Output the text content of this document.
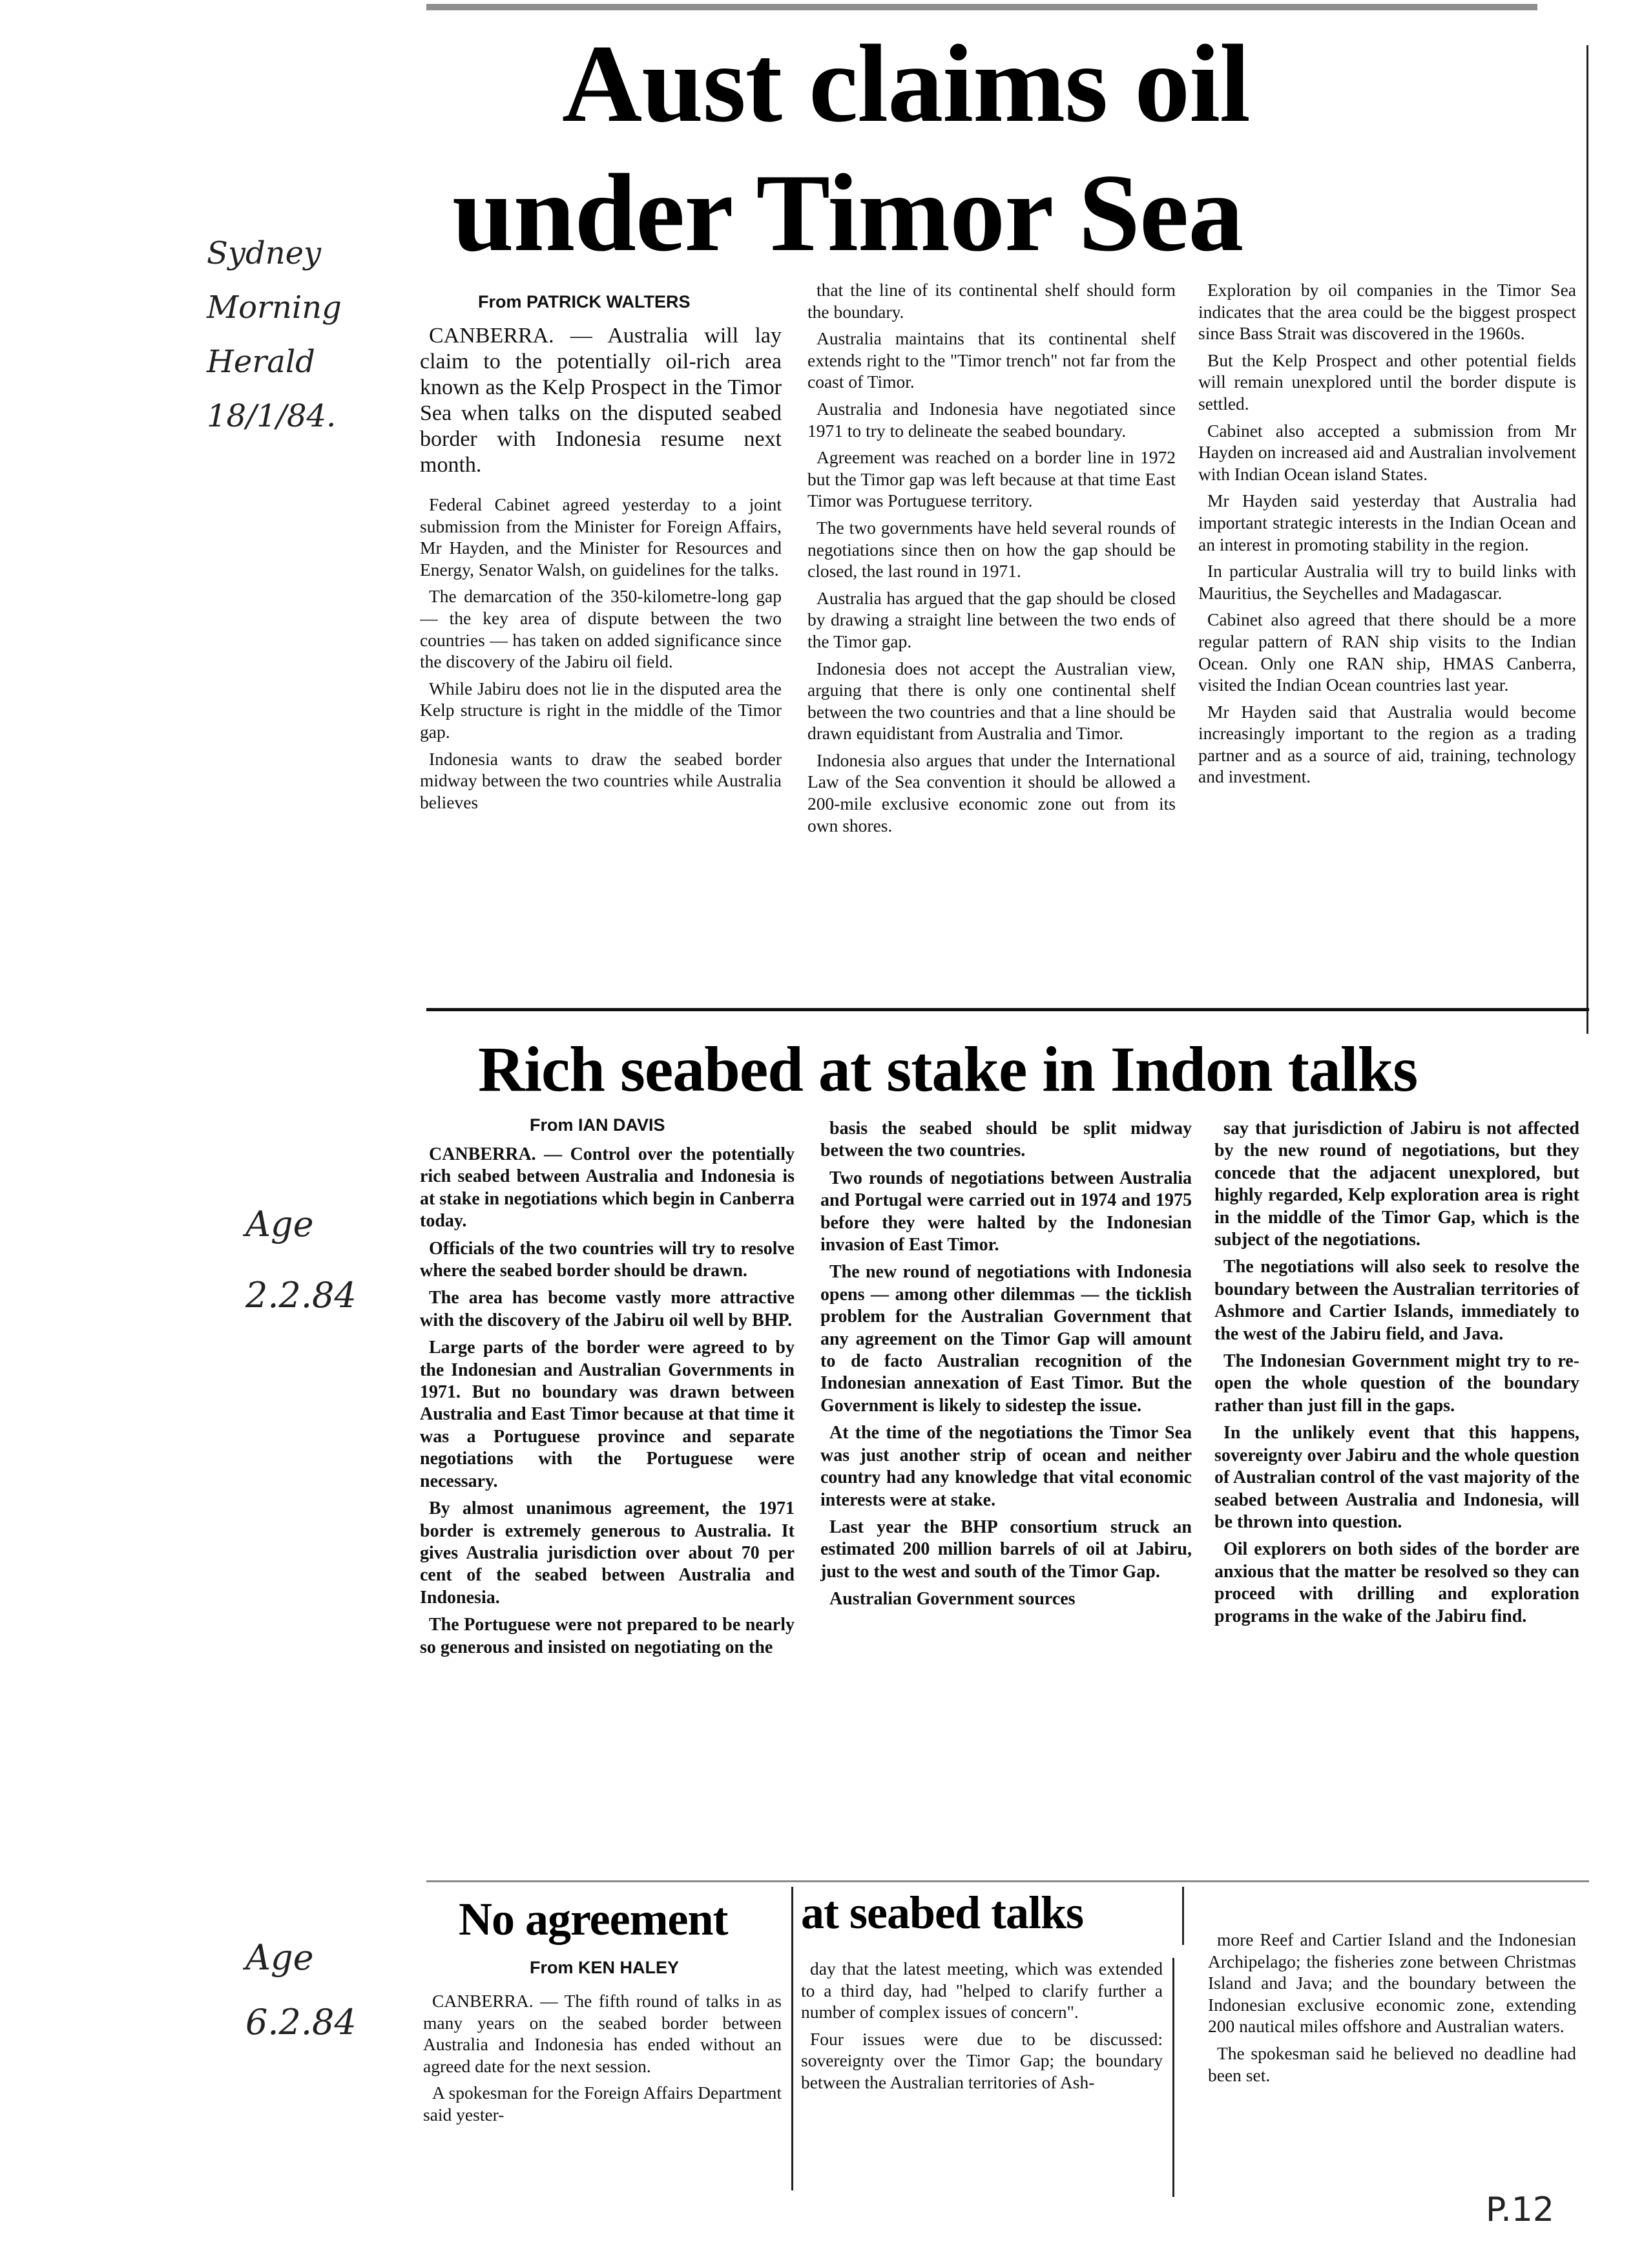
Sydney
Morning
Herald
18/1/84.
Age
2.2.84
Age
6.2.84
P.12
Aust claims oil
under Timor Sea
From PATRICK WALTERS

CANBERRA. — Australia will lay claim to the potentially oil-rich area known as the Kelp Prospect in the Timor Sea when talks on the disputed seabed border with Indonesia resume next month.

Federal Cabinet agreed yesterday to a joint submission from the Minister for Foreign Affairs, Mr Hayden, and the Minister for Resources and Energy, Senator Walsh, on guidelines for the talks.

The demarcation of the 350-kilometre-long gap — the key area of dispute between the two countries — has taken on added significance since the discovery of the Jabiru oil field.

While Jabiru does not lie in the disputed area the Kelp structure is right in the middle of the Timor gap.

Indonesia wants to draw the seabed border midway between the two countries while Australia believes

that the line of its continental shelf should form the boundary.

Australia maintains that its continental shelf extends right to the "Timor trench" not far from the coast of Timor.

Australia and Indonesia have negotiated since 1971 to try to delineate the seabed boundary.

Agreement was reached on a border line in 1972 but the Timor gap was left because at that time East Timor was Portuguese territory.

The two governments have held several rounds of negotiations since then on how the gap should be closed, the last round in 1971.

Australia has argued that the gap should be closed by drawing a straight line between the two ends of the Timor gap.

Indonesia does not accept the Australian view, arguing that there is only one continental shelf between the two countries and that a line should be drawn equidistant from Australia and Timor.

Indonesia also argues that under the International Law of the Sea convention it should be allowed a 200-mile exclusive economic zone out from its own shores.

Exploration by oil companies in the Timor Sea indicates that the area could be the biggest prospect since Bass Strait was discovered in the 1960s.

But the Kelp Prospect and other potential fields will remain unexplored until the border dispute is settled.

Cabinet also accepted a submission from Mr Hayden on increased aid and Australian involvement with Indian Ocean island States.

Mr Hayden said yesterday that Australia had important strategic interests in the Indian Ocean and an interest in promoting stability in the region.

In particular Australia will try to build links with Mauritius, the Seychelles and Madagascar.

Cabinet also agreed that there should be a more regular pattern of RAN ship visits to the Indian Ocean. Only one RAN ship, HMAS Canberra, visited the Indian Ocean countries last year.

Mr Hayden said that Australia would become increasingly important to the region as a trading partner and as a source of aid, training, technology and investment.

Rich seabed at stake in Indon talks
From IAN DAVIS

CANBERRA. — Control over the potentially rich seabed between Australia and Indonesia is at stake in negotiations which begin in Canberra today.

Officials of the two countries will try to resolve where the seabed border should be drawn.

The area has become vastly more attractive with the discovery of the Jabiru oil well by BHP.

Large parts of the border were agreed to by the Indonesian and Australian Governments in 1971. But no boundary was drawn between Australia and East Timor because at that time it was a Portuguese province and separate negotiations with the Portuguese were necessary.

By almost unanimous agreement, the 1971 border is extremely generous to Australia. It gives Australia jurisdiction over about 70 per cent of the seabed between Australia and Indonesia.

The Portuguese were not prepared to be nearly so generous and insisted on negotiating on the

basis the seabed should be split midway between the two countries.

Two rounds of negotiations between Australia and Portugal were carried out in 1974 and 1975 before they were halted by the Indonesian invasion of East Timor.

The new round of negotiations with Indonesia opens — among other dilemmas — the ticklish problem for the Australian Government that any agreement on the Timor Gap will amount to de facto Australian recognition of the Indonesian annexation of East Timor. But the Government is likely to sidestep the issue.

At the time of the negotiations the Timor Sea was just another strip of ocean and neither country had any knowledge that vital economic interests were at stake.

Last year the BHP consortium struck an estimated 200 million barrels of oil at Jabiru, just to the west and south of the Timor Gap.

Australian Government sources

say that jurisdiction of Jabiru is not affected by the new round of negotiations, but they concede that the adjacent unexplored, but highly regarded, Kelp exploration area is right in the middle of the Timor Gap, which is the subject of the negotiations.

The negotiations will also seek to resolve the boundary between the Australian territories of Ashmore and Cartier Islands, immediately to the west of the Jabiru field, and Java.

The Indonesian Government might try to re-open the whole question of the boundary rather than just fill in the gaps.

In the unlikely event that this happens, sovereignty over Jabiru and the whole question of Australian control of the vast majority of the seabed between Australia and Indonesia, will be thrown into question.

Oil explorers on both sides of the border are anxious that the matter be resolved so they can proceed with drilling and exploration programs in the wake of the Jabiru find.

No agreement at seabed talks
From KEN HALEY

CANBERRA. — The fifth round of talks in as many years on the seabed border between Australia and Indonesia has ended without an agreed date for the next session.

A spokesman for the Foreign Affairs Department said yester-

day that the latest meeting, which was extended to a third day, had "helped to clarify further a number of complex issues of concern".

Four issues were due to be discussed: sovereignty over the Timor Gap; the boundary between the Australian territories of Ash-

more Reef and Cartier Island and the Indonesian Archipelago; the fisheries zone between Christmas Island and Java; and the boundary between the Indonesian exclusive economic zone, extending 200 nautical miles offshore and Australian waters.

The spokesman said he believed no deadline had been set.
